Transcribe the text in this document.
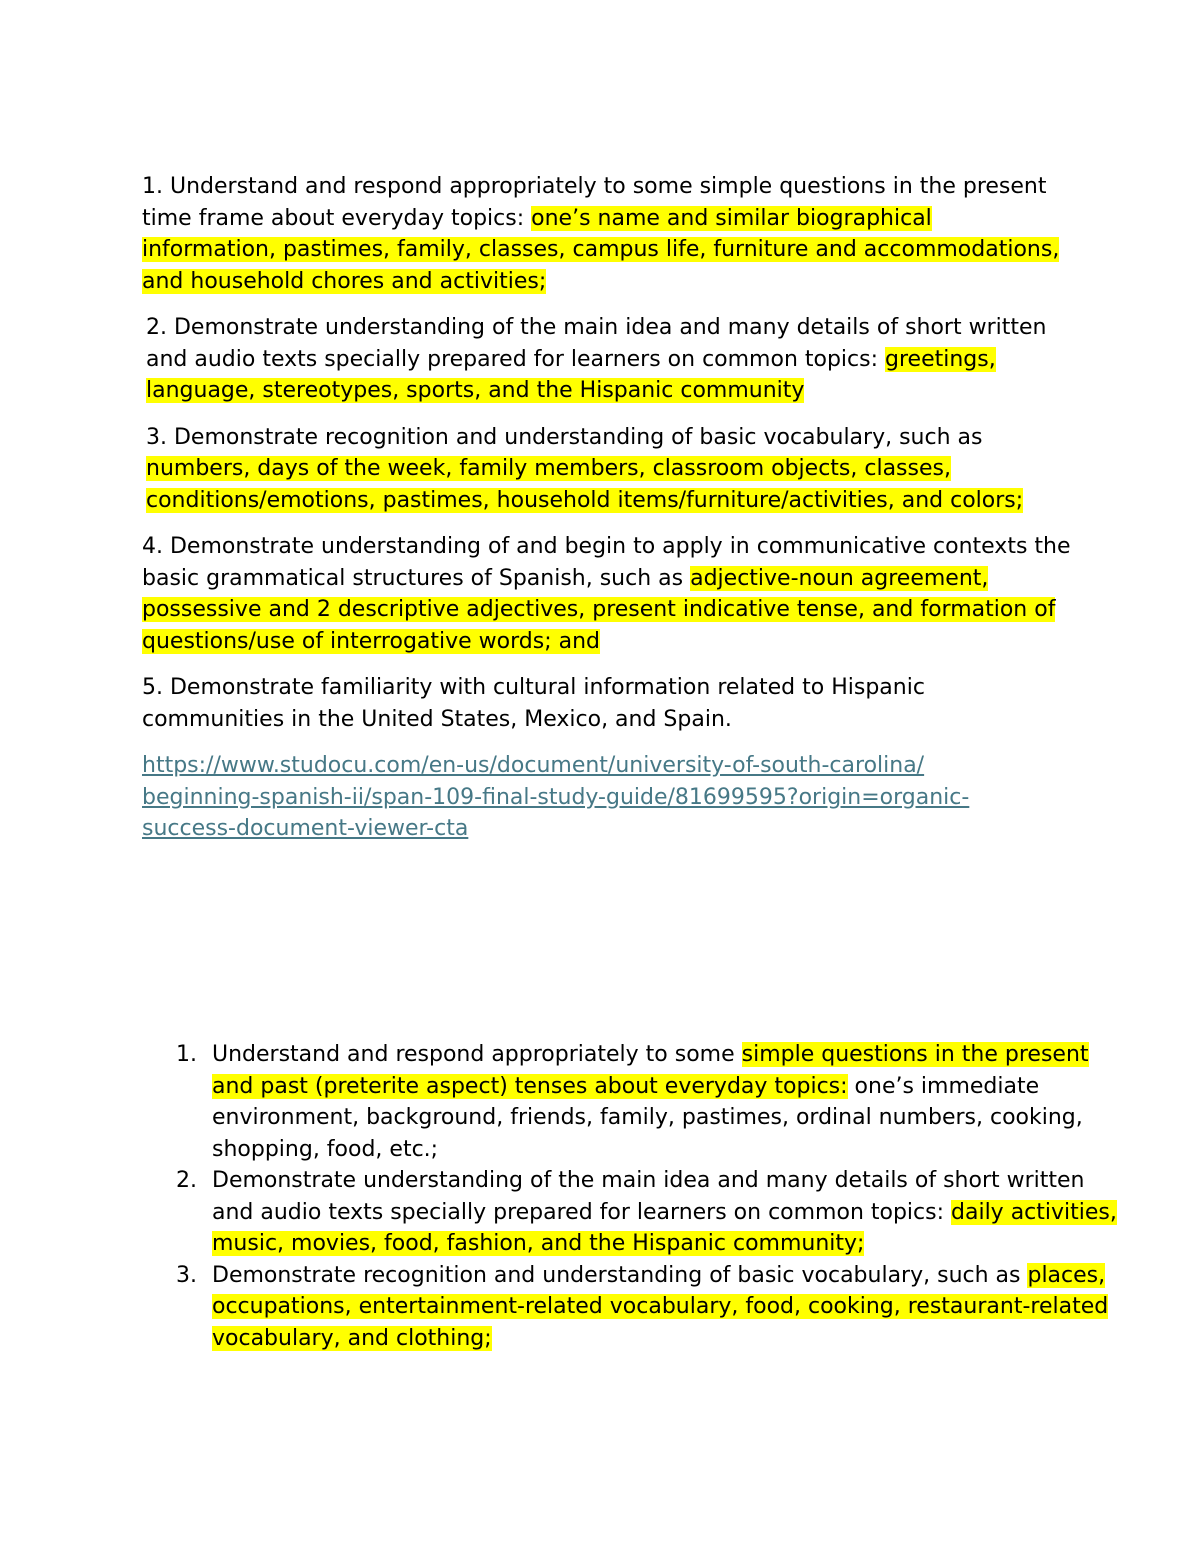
1. Understand and respond appropriately to some simple questions in the present time frame about everyday topics: one’s name and similar biographical information, pastimes, family, classes, campus life, furniture and accommodations, and household chores and activities;

2. Demonstrate understanding of the main idea and many details of short written and audio texts specially prepared for learners on common topics: greetings, language, stereotypes, sports, and the Hispanic community

3. Demonstrate recognition and understanding of basic vocabulary, such as numbers, days of the week, family members, classroom objects, classes, conditions/emotions, pastimes, household items/furniture/activities, and colors;

4. Demonstrate understanding of and begin to apply in communicative contexts the basic grammatical structures of Spanish, such as adjective-noun agreement, possessive and 2 descriptive adjectives, present indicative tense, and formation of questions/use of interrogative words; and

5. Demonstrate familiarity with cultural information related to Hispanic communities in the United States, Mexico, and Spain.

https://www.studocu.com/en-us/document/university-of-south-carolina/
beginning-spanish-ii/span-109-final-study-guide/81699595?origin=organic-
success-document-viewer-cta

1. Understand and respond appropriately to some simple questions in the present and past (preterite aspect) tenses about everyday topics: one’s immediate environment, background, friends, family, pastimes, ordinal numbers, cooking, shopping, food, etc.;
2. Demonstrate understanding of the main idea and many details of short written and audio texts specially prepared for learners on common topics: daily activities, music, movies, food, fashion, and the Hispanic community;
3. Demonstrate recognition and understanding of basic vocabulary, such as places, occupations, entertainment-related vocabulary, food, cooking, restaurant-related vocabulary, and clothing;
